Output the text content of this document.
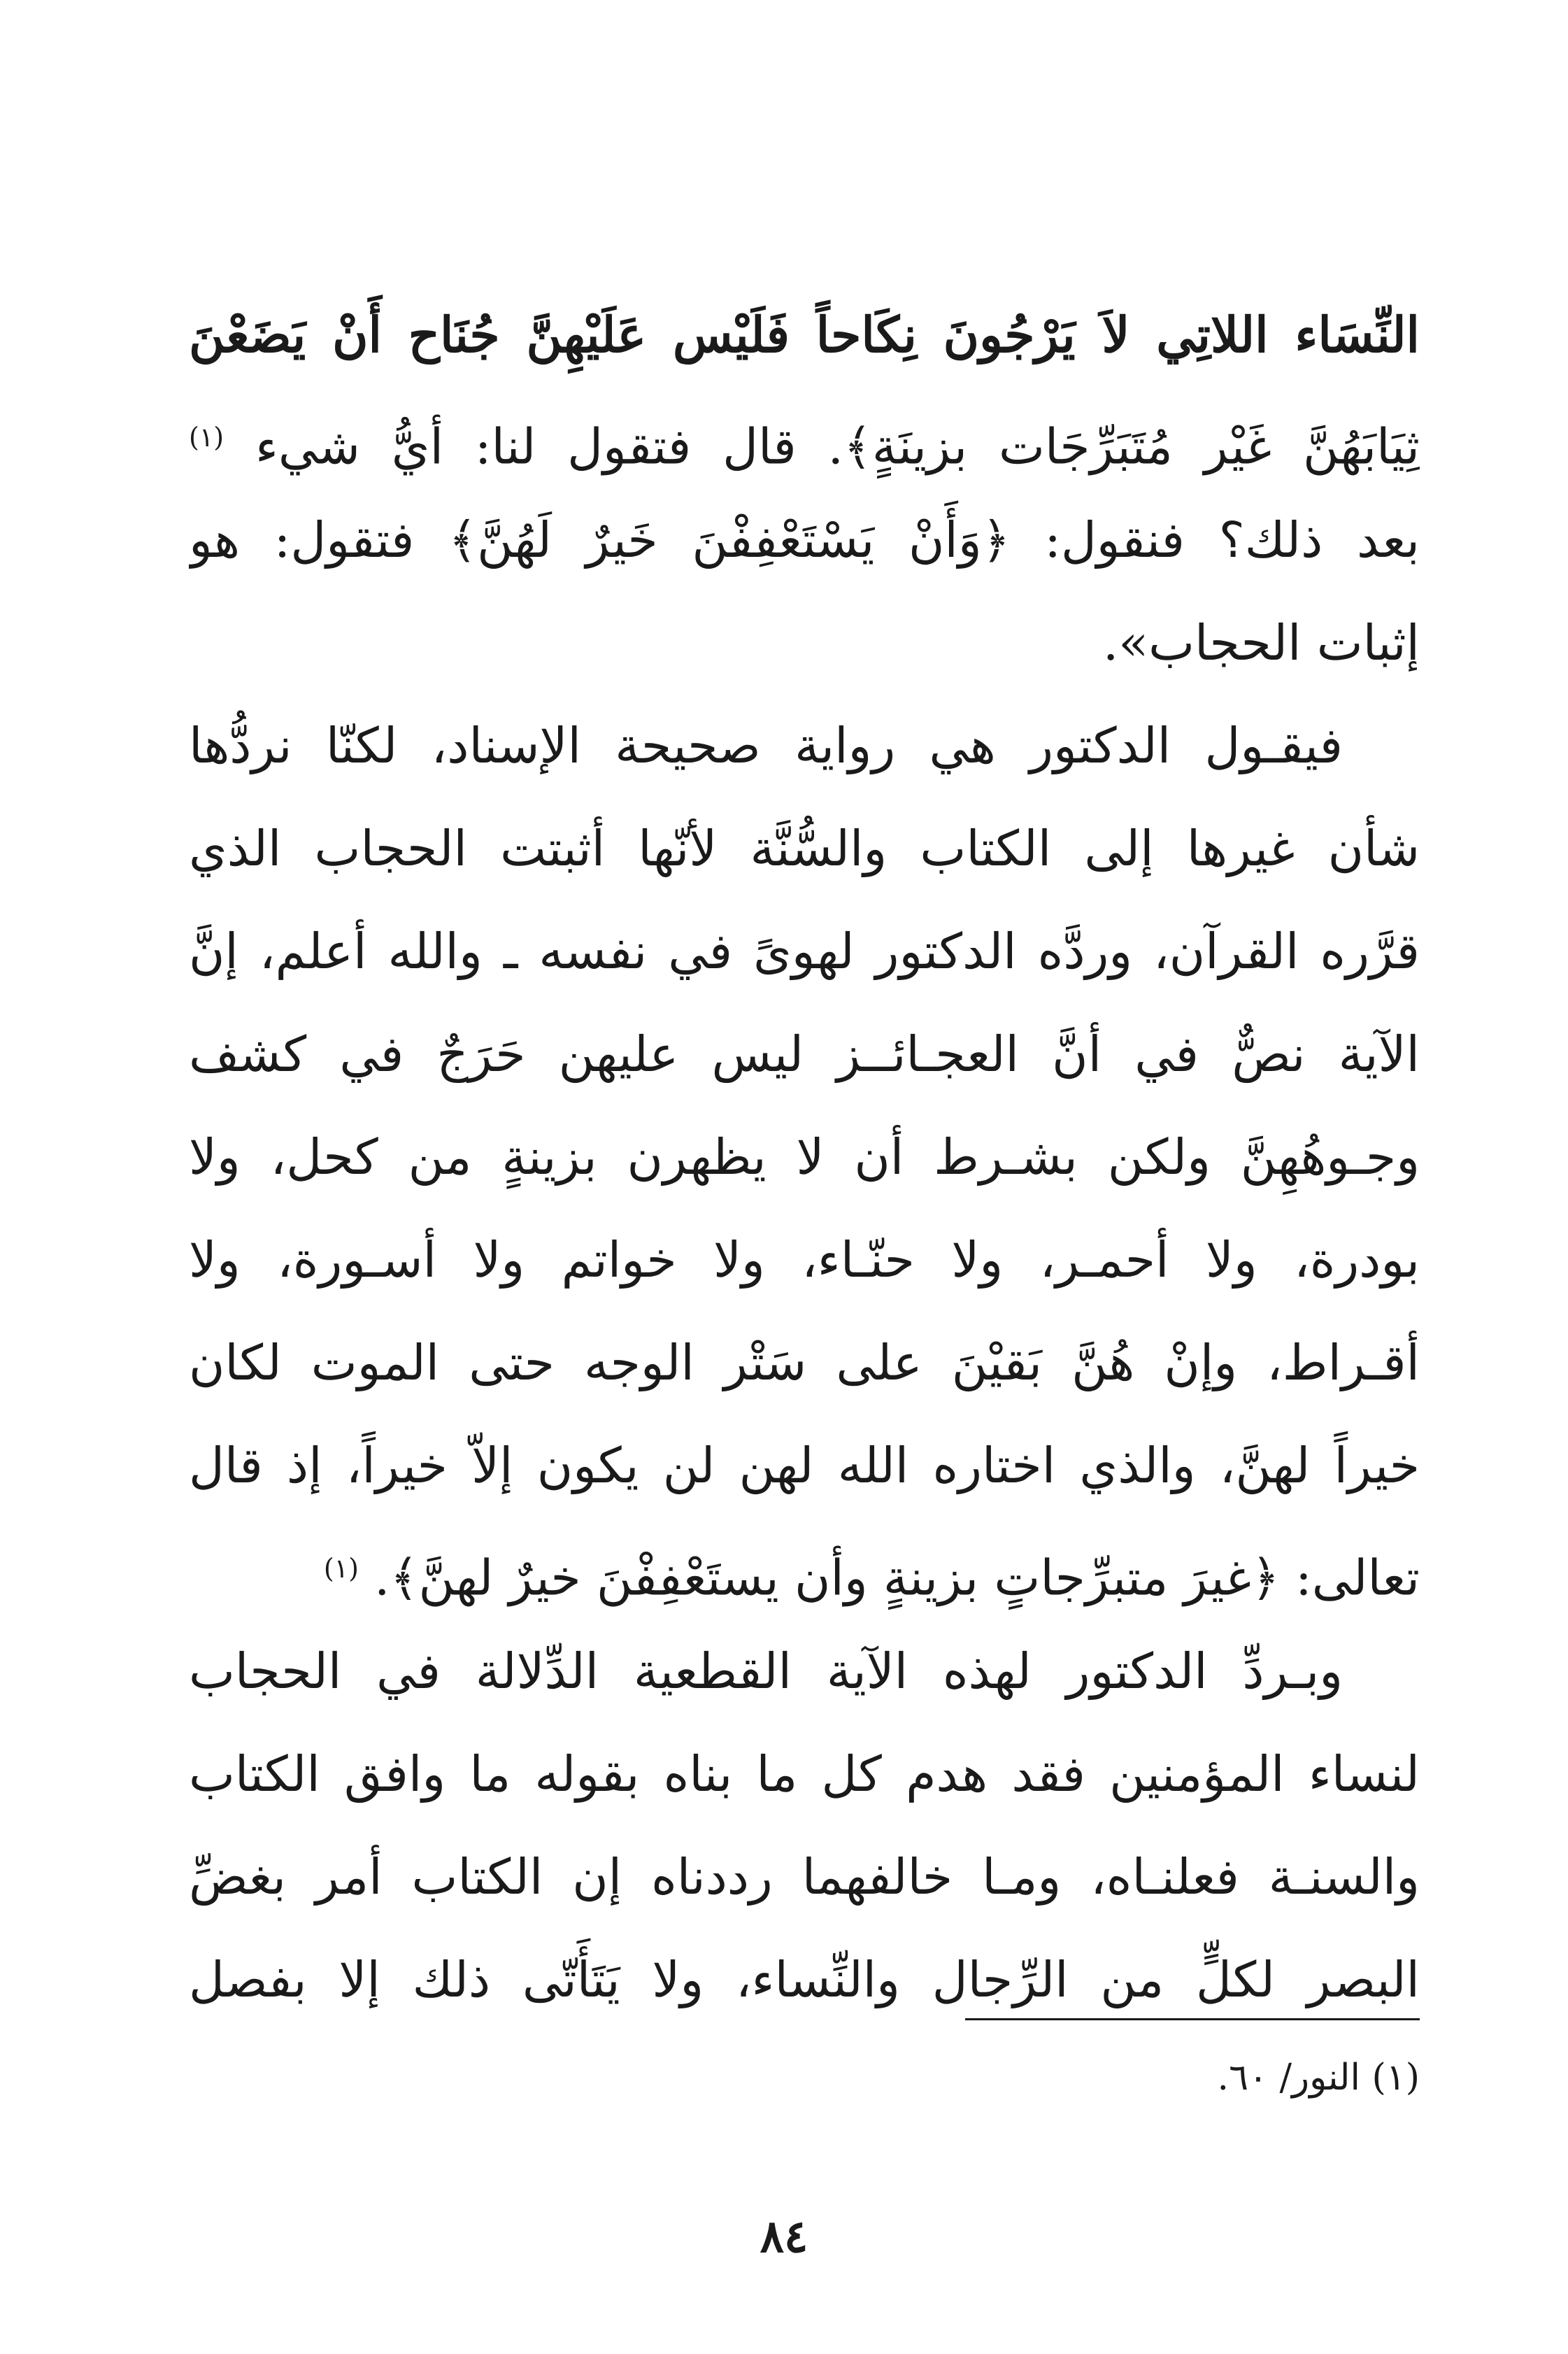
النِّسَاء اللاتِي لاَ يَرْجُونَ نِكَاحاً فَلَيْس عَلَيْهِنَّ جُنَاح أَنْ يَضَعْنَ
ثِيَابَهُنَّ غَيْر مُتَبَرِّجَات بزينَةٍ﴾. قال فتقول لنا: أيُّ شيء $^{(١)}$
بعد ذلك؟ فنقول: ﴿وَأَنْ يَسْتَعْفِفْنَ خَيرٌ لَهُنَّ﴾ فتقول: هو
إثبات الحجاب».
فيقـول الدكتور هي رواية صحيحة الإسناد، لكنّا نردُّها
شأن غيرها إلى الكتاب والسُّنَّة لأنّها أثبتت الحجاب الذي
قرَّره القرآن، وردَّه الدكتور لهوىً في نفسه ـ والله أعلم، إنَّ
الآية نصٌّ في أنَّ العجـائــز ليس عليهن حَرَجٌ في كشف
وجـوهُهِنَّ ولكن بشـرط أن لا يظهرن بزينةٍ من كحل، ولا
بودرة، ولا أحمـر، ولا حنّـاء، ولا خواتم ولا أسـورة، ولا
أقـراط، وإنْ هُنَّ بَقيْنَ على سَتْر الوجه حتى الموت لكان
خيراً لهنَّ، والذي اختاره الله لهن لن يكون إلاّ خيراً، إذ قال
تعالى: ﴿غيرَ متبرِّجاتٍ بزينةٍ وأن يستَعْفِفْنَ خيرٌ لهنَّ﴾. $^{(١)}$
وبـردِّ الدكتور لهذه الآية القطعية الدِّلالة في الحجاب
لنساء المؤمنين فقد هدم كل ما بناه بقوله ما وافق الكتاب
والسنـة فعلنـاه، ومـا خالفهما رددناه إن الكتاب أمر بغضِّ
البصر لكلٍّ من الرِّجال والنِّساء، ولا يَتَأَتّى ذلك إلا بفصل
(١) النور/ ٦٠.
٨٤
